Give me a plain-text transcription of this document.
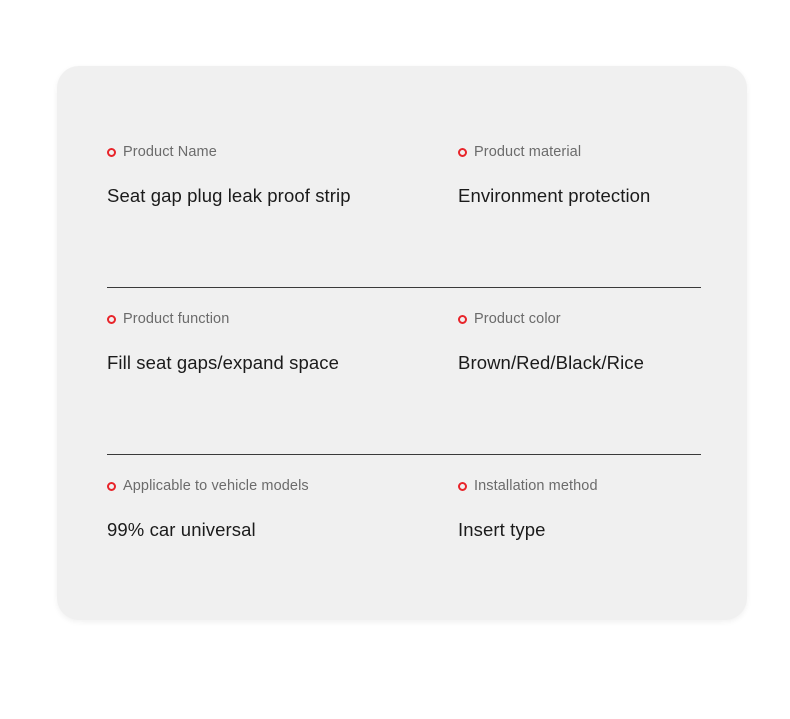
Product Name
Seat gap plug leak proof strip
Product material
Environment protection
Product function
Fill seat gaps/expand space
Product color
Brown/Red/Black/Rice
Applicable to vehicle models
99% car universal
Installation method
Insert type
